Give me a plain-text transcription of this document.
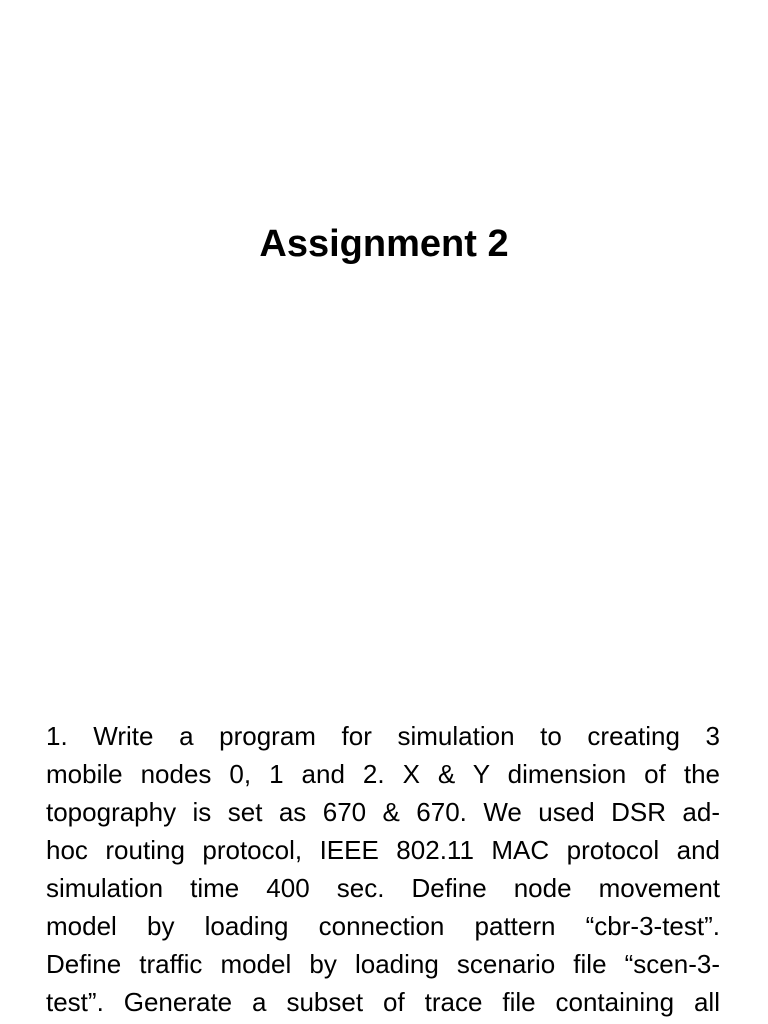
Assignment 2
1. Write a program for simulation to creating 3
mobile nodes 0, 1 and 2. X & Y dimension of the
topography is set as 670 & 670. We used DSR ad-
hoc routing protocol, IEEE 802.11 MAC protocol and
simulation time 400 sec. Define node movement
model by loading connection pattern “cbr-3-test”.
Define traffic model by loading scenario file “scen-3-
test”. Generate a subset of trace file containing all
